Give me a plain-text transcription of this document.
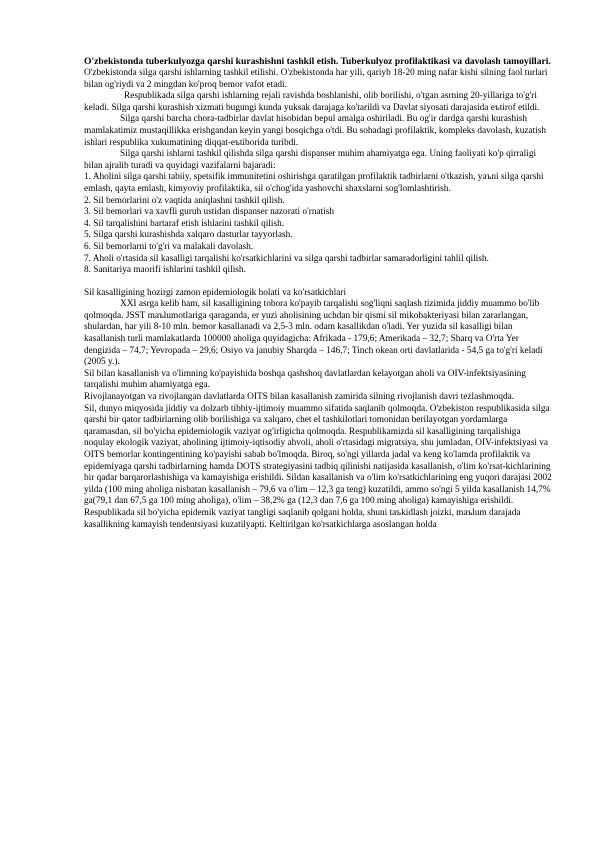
O'zbekistonda tuberkulyozga qarshi kurashishni tashkil etish. Tuberkulyoz profilaktikasi va davolash tamoyillari.

O'zbekistonda silga qarshi ishlarning tashkil etilishi. O'zbekistonda har yili, qariyb 18-20 ming nafar kishi silning faol turlari bilan og'riydi va 2 mingdan ko'proq bemor vafot etadi.

Respublikada silga qarshi ishlarning rejali ravishda boshlanishi, olib borilishi, o'tgan asrning 20-yillariga to'g'ri keladi. Silga qarshi kurashish xizmati bugungi kunda yuksak darajaga ko'tarildi va Davlat siyosati darajasida eъtirof etildi.

Silga qarshi barcha chora-tadbirlar davlat hisobidan bepul amalga oshiriladi. Bu og'ir dardga qarshi kurashish mamlakatimiz mustaqillikka erishgandan keyin yangi bosqichga o'tdi. Bu sohadagi profilaktik, kompleks davolash, kuzatish ishlari respublika xukumatining diqqat-eъtiborida turibdi.

Silga qarshi ishlarni tashkil qilishda silga qarshi dispanser muhim ahamiyatga ega. Uning faoliyati ko'p qirraligi bilan ajralib turadi va quyidagi vazifalarni bajaradi:

1. Aholini silga qarshi tabiiy, spetsifik immunitetini oshirishga qaratilgan profilaktik tadbirlarni o'tkazish, yaъni silga qarshi emlash, qayta emlash, kimyoviy profilaktika, sil o'chog'ida yashovchi shaxslarni sog'lomlashtirish.

2. Sil bemorlarini o'z vaqtida aniqlashni tashkil qilish.

3. Sil bemorlari va xavfli guruh ustidan dispanser nazorati o'rnatish

4. Sil tarqalishini bartaraf etish ishlarini tashkil qilish.

5. Silga qarshi kurashishda xalqaro dasturlar tayyorlash.

6. Sil bemorlarni to'g'ri va malakali davolash.

7. Aholi o'rtasida sil kasalligi tarqalishi ko'rsatkichlarini va silga qarshi tadbirlar samaradorligini tahlil qilish.

8. Sanitariya maorifi ishlarini tashkil qilish.

Sil kasalligining hozirgi zamon epidemiologik holati va ko'rsatkichlari

XXI asrga kelib ham, sil kasalligining tobora ko'payib tarqalishi sog'liqni saqlash tizimida jiddiy muammo bo'lib qolmoqda. JSST maъlumotlariga qaraganda, er yuzi aholisining uchdan bir qismi sil mikobakteriyasi bilan zararlangan, shulardan, har yili 8-10 mln. bemor kasallanadi va 2,5-3 mln. odam kasallikdan o'ladi. Yer yuzida sil kasalligi bilan kasallanish turli mamlakatlarda 100000 aholiga quyidagicha: Afrikada - 179,6; Amerikada – 32,7; Sharq va O'rta Yer dengizida – 74,7; Yevropada – 29,6; Osiyo va janubiy Sharqda – 146,7; Tinch okean orti davlatlarida - 54,5 ga to'g'ri keladi (2005 y.).

Sil bilan kasallanish va o'limning ko'payishida boshqa qashshoq davlatlardan kelayotgan aholi va OIV-infektsiyasining tarqalishi muhim ahamiyatga ega.

Rivojlanayotgan va rivojlangan davlatlarda OITS bilan kasallanish zamirida silning rivojlanish davri tezlashmoqda.

Sil, dunyo miqyosida jiddiy va dolzarb tibbiy-ijtimoiy muammo sifatida saqlanib qolmoqda. O'zbekiston respublikasida silga qarshi bir qator tadbirlarning olib borilishiga va xalqaro, chet el tashkilotlari tomonidan berilayotgan yordamlarga qaramasdan, sil bo'yicha epidemiologik vaziyat og'irligicha qolmoqda. Respublikamizda sil kasalligining tarqalishiga noqulay ekologik vaziyat, aholining ijtimoiy-iqtisodiy ahvoli, aholi o'rtasidagi migratsiya, shu jumladan, OIV-infektsiyasi va OITS bemorlar kontingentining ko'payishi sabab bo'lmoqda. Biroq, so'ngi yillarda jadal va keng ko'lamda profilaktik va epidemiyaga qarshi tadbirlarning hamda DOTS strategiyasini tadbiq qilinishi natijasida kasallanish, o'lim ko'rsat-kichlarining bir qadar barqarorlashishiga va kamayishiga erishildi. Sildan kasallanish va o'lim ko'rsatkichlarining eng yuqori darajasi 2002 yilda (100 ming aholiga nisbatan kasallanish – 79,6 va o'lim – 12,3 ga teng) kuzatildi, ammo so'ngi 5 yilda kasallanish 14,7% ga(79,1 dan 67,5 ga 100 ming aholiga), o'lim – 38,2% ga (12,3 dan 7,6 ga 100 ming aholiga) kamayishiga erishildi. Respublikada sil bo'yicha epidemik vaziyat tangligi saqlanib qolgani holda, shuni taъkidlash joizki, maъlum darajada kasallikning kamayish tendentsiyasi kuzatilyapti. Keltirilgan ko'rsatkichlarga asoslangan holda
